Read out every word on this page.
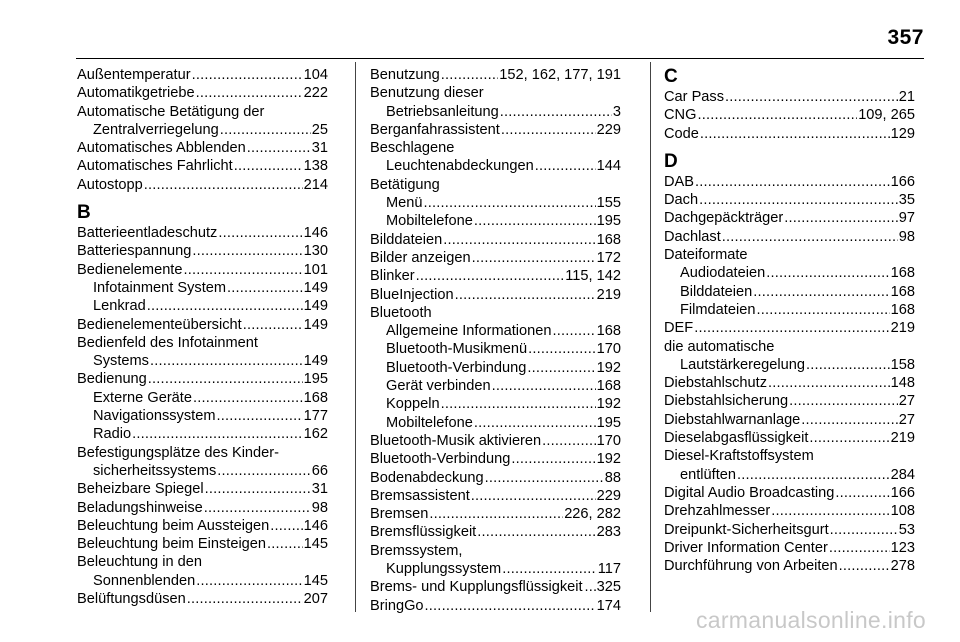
357
Außentemperatur .....	104
Automatikgetriebe .....	222
Automatische Betätigung der
Zentralverriegelung .....	25
Automatisches Abblenden .....	31
Automatisches Fahrlicht .....	138
Autostopp .....	214
B
Batterieentladeschutz .....	146
Batteriespannung .....	130
Bedienelemente .....	101
Infotainment System .....	149
Lenkrad .....	149
Bedienelementeübersicht .....	149
Bedienfeld des Infotainment
Systems .....	149
Bedienung .....	195
Externe Geräte .....	168
Navigationssystem .....	177
Radio .....	162
Befestigungsplätze des Kinder-
sicherheitssystems .....	66
Beheizbare Spiegel .....	31
Beladungshinweise .....	98
Beleuchtung beim Aussteigen ..... 146
Beleuchtung beim Einsteigen .....	145
Beleuchtung in den
Sonnenblenden .....	145
Belüftungsdüsen .....	207
Benutzung .....	152, 162, 177, 191
Benutzung dieser
Betriebsanleitung .....	3
Berganfahrassistent .....	229
Beschlagene
Leuchtenabdeckungen .....	144
Betätigung
Menü .....	155
Mobiltelefone .....	195
Bilddateien .....	168
Bilder anzeigen .....	172
Blinker .....	115, 142
BlueInjection .....	219
Bluetooth
Allgemeine Informationen .....	168
Bluetooth-Musikmenü .....	170
Bluetooth-Verbindung .....	192
Gerät verbinden .....	168
Koppeln .....	192
Mobiltelefone .....	195
Bluetooth-Musik aktivieren .....	170
Bluetooth-Verbindung .....	192
Bodenabdeckung .....	88
Bremsassistent .....	229
Bremsen .....	226, 282
Bremsflüssigkeit .....	283
Bremssystem,
Kupplungssystem .....	117
Brems- und Kupplungsflüssigkeit ..... 325
BringGo .....	174
C
Car Pass .....	21
CNG .....	109, 265
Code .....	129
D
DAB .....	166
Dach .....	35
Dachgepäckträger .....	97
Dachlast .....	98
Dateiformate
Audiodateien .....	168
Bilddateien .....	168
Filmdateien .....	168
DEF .....	219
die automatische
Lautstärkeregelung .....	158
Diebstahlschutz .....	148
Diebstahlsicherung .....	27
Diebstahlwarnanlage .....	27
Dieselabgasflüssigkeit .....	219
Diesel-Kraftstoffsystem
entlüften .....	284
Digital Audio Broadcasting .....	166
Drehzahlmesser .....	108
Dreipunkt-Sicherheitsgurt .....	53
Driver Information Center .....	123
Durchführung von Arbeiten .....	278
carmanualsonline.info
